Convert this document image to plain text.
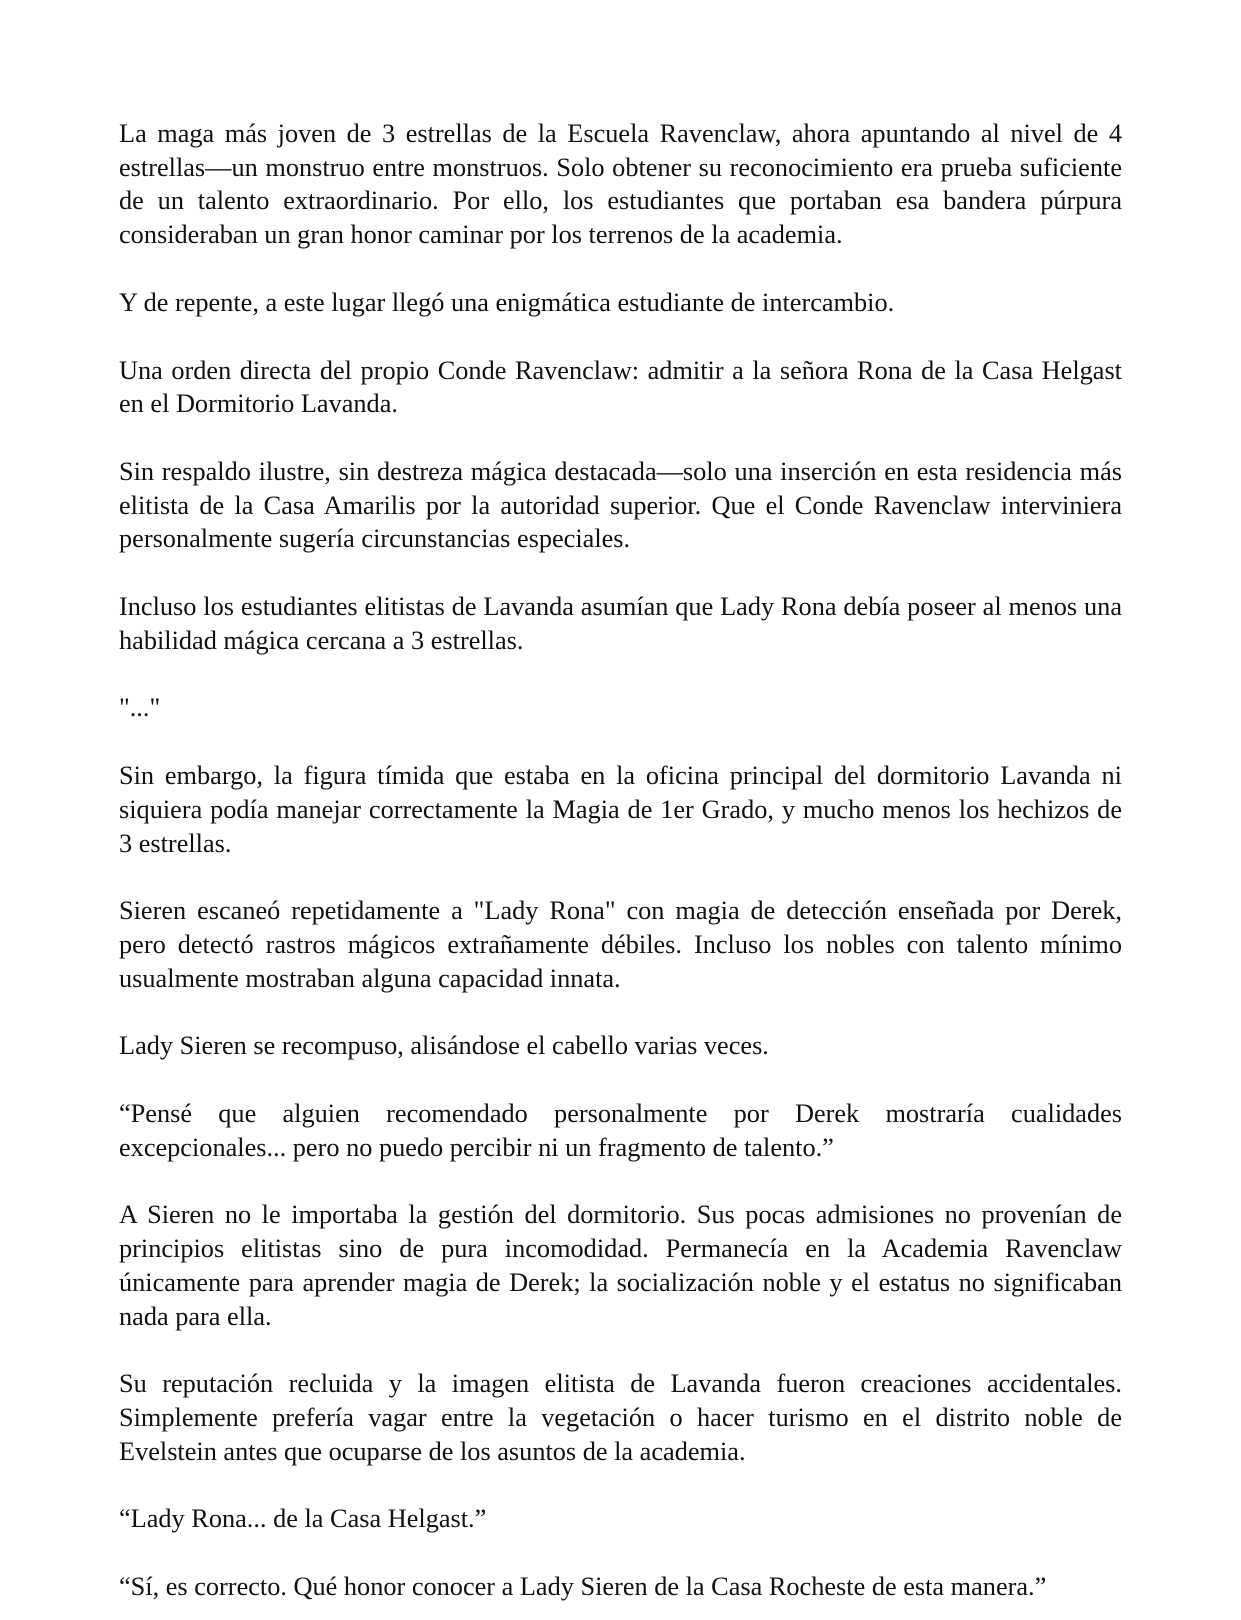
La maga más joven de 3 estrellas de la Escuela Ravenclaw, ahora apuntando al nivel de 4 estrellas—un monstruo entre monstruos. Solo obtener su reconocimiento era prueba suficiente de un talento extraordinario. Por ello, los estudiantes que portaban esa bandera púrpura consideraban un gran honor caminar por los terrenos de la academia.

Y de repente, a este lugar llegó una enigmática estudiante de intercambio.

Una orden directa del propio Conde Ravenclaw: admitir a la señora Rona de la Casa Helgast en el Dormitorio Lavanda.

Sin respaldo ilustre, sin destreza mágica destacada—solo una inserción en esta residencia más elitista de la Casa Amarilis por la autoridad superior. Que el Conde Ravenclaw interviniera personalmente sugería circunstancias especiales.

Incluso los estudiantes elitistas de Lavanda asumían que Lady Rona debía poseer al menos una habilidad mágica cercana a 3 estrellas.

"..."

Sin embargo, la figura tímida que estaba en la oficina principal del dormitorio Lavanda ni siquiera podía manejar correctamente la Magia de 1er Grado, y mucho menos los hechizos de 3 estrellas.

Sieren escaneó repetidamente a "Lady Rona" con magia de detección enseñada por Derek, pero detectó rastros mágicos extrañamente débiles. Incluso los nobles con talento mínimo usualmente mostraban alguna capacidad innata.

Lady Sieren se recompuso, alisándose el cabello varias veces.

“Pensé que alguien recomendado personalmente por Derek mostraría cualidades excepcionales... pero no puedo percibir ni un fragmento de talento.”

A Sieren no le importaba la gestión del dormitorio. Sus pocas admisiones no provenían de principios elitistas sino de pura incomodidad. Permanecía en la Academia Ravenclaw únicamente para aprender magia de Derek; la socialización noble y el estatus no significaban nada para ella.

Su reputación recluida y la imagen elitista de Lavanda fueron creaciones accidentales. Simplemente prefería vagar entre la vegetación o hacer turismo en el distrito noble de Evelstein antes que ocuparse de los asuntos de la academia.

“Lady Rona... de la Casa Helgast.”

“Sí, es correcto. Qué honor conocer a Lady Sieren de la Casa Rocheste de esta manera.”
